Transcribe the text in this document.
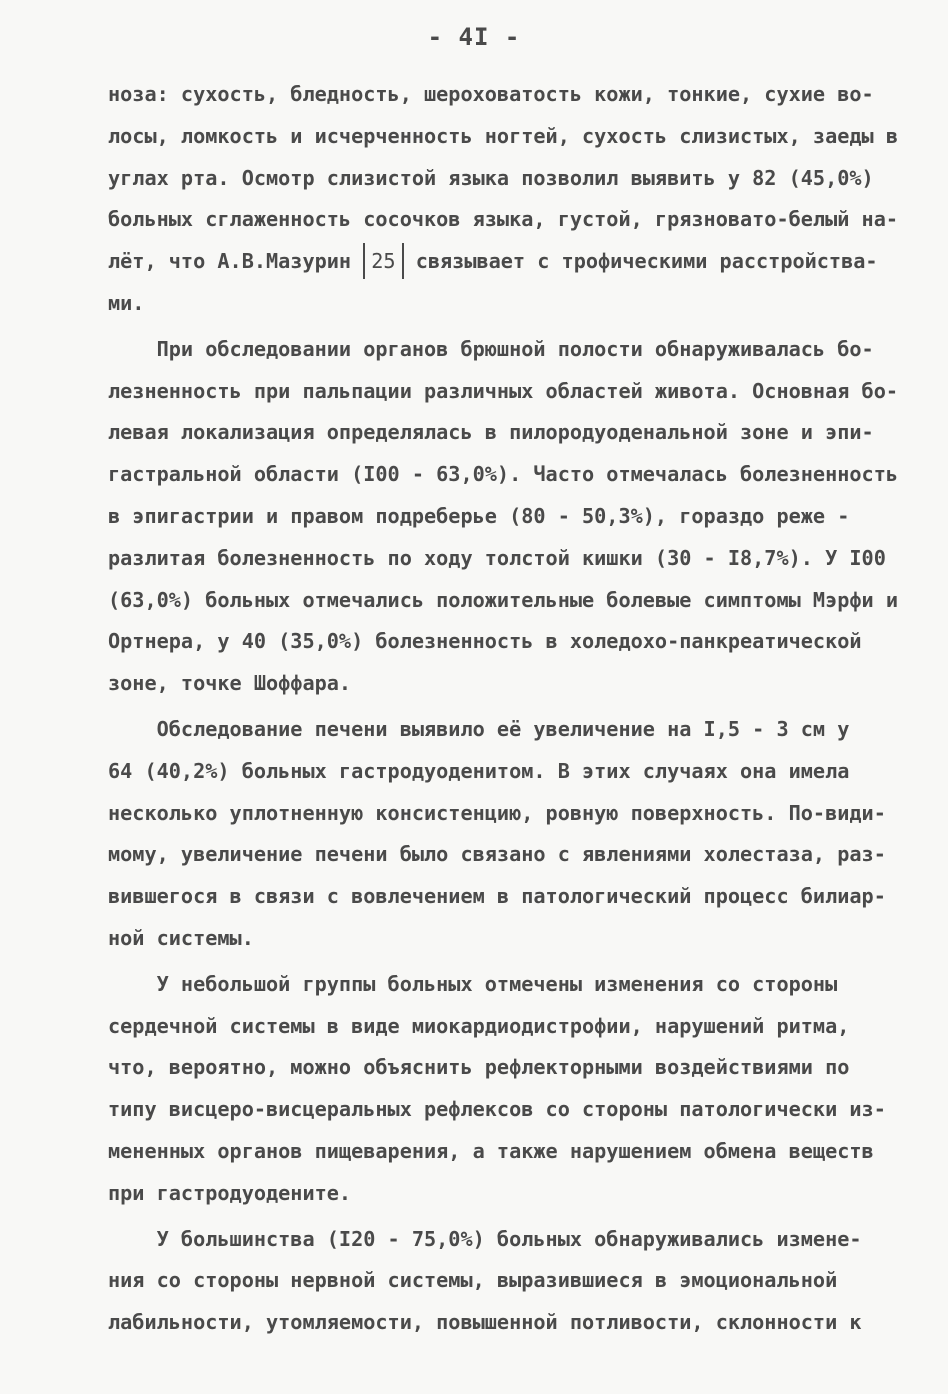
- 4I -
ноза: сухость, бледность, шероховатость кожи, тонкие, сухие во-
лосы, ломкость и исчерченность ногтей, сухость слизистых, заеды в
углах рта. Осмотр слизистой языка позволил выявить у 82 (45,0%)
больных сглаженность сосочков языка, густой, грязновато-белый на-
лёт, что А.В.Мазурин 25 связывает с трофическими расстройства-
ми.
При обследовании органов брюшной полости обнаруживалась бо-
лезненность при пальпации различных областей живота. Основная бо-
левая локализация определялась в пилородуоденальной зоне и эпи-
гастральной области (I00 - 63,0%). Часто отмечалась болезненность
в эпигастрии и правом подреберье (80 - 50,3%), гораздо реже -
разлитая болезненность по ходу толстой кишки (30 - I8,7%). У I00
(63,0%) больных отмечались положительные болевые симптомы Мэрфи и
Ортнера, у 40 (35,0%) болезненность в холедохо-панкреатической
зоне, точке Шоффара.
Обследование печени выявило её увеличение на I,5 - 3 см у
64 (40,2%) больных гастродуоденитом. В этих случаях она имела
несколько уплотненную консистенцию, ровную поверхность. По-види-
мому, увеличение печени было связано с явлениями холестаза, раз-
вившегося в связи с вовлечением в патологический процесс билиар-
ной системы.
У небольшой группы больных отмечены изменения со стороны
сердечной системы в виде миокардиодистрофии, нарушений ритма,
что, вероятно, можно объяснить рефлекторными воздействиями по
типу висцеро-висцеральных рефлексов со стороны патологически из-
мененных органов пищеварения, а также нарушением обмена веществ
при гастродуодените.
У большинства (I20 - 75,0%) больных обнаруживались измене-
ния со стороны нервной системы, выразившиеся в эмоциональной
лабильности, утомляемости, повышенной потливости, склонности к
